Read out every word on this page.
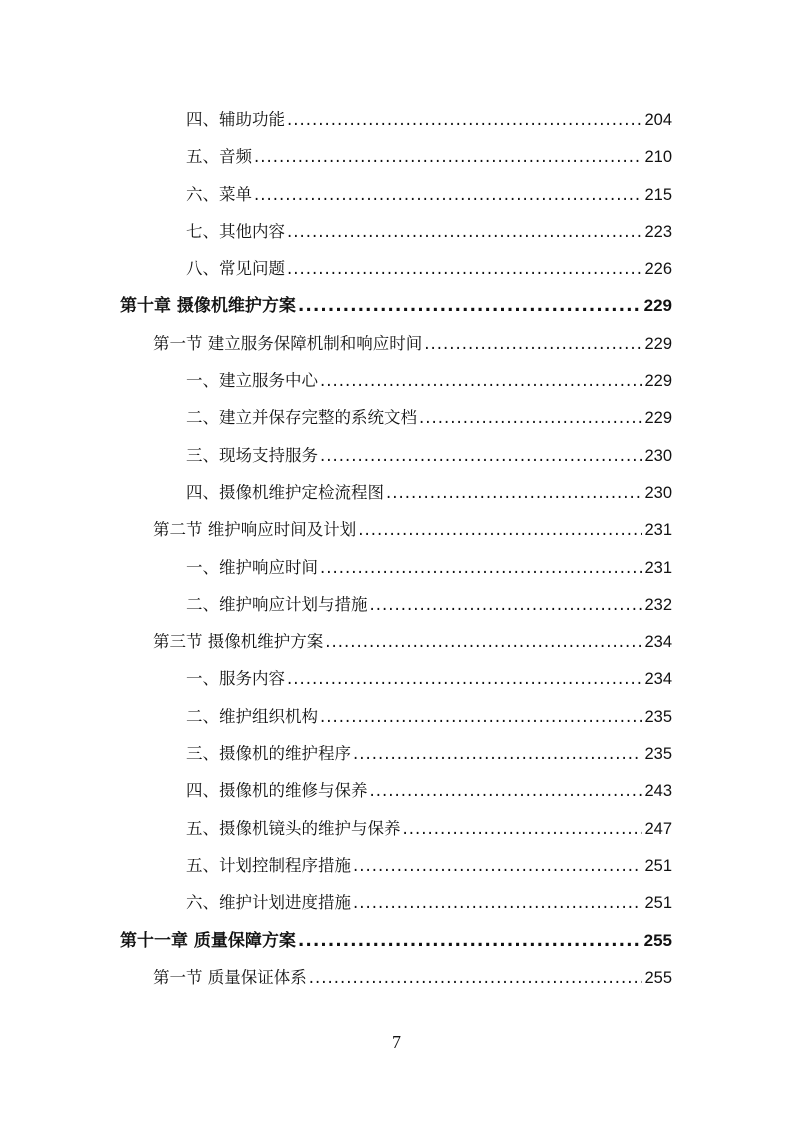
四、辅助功能 .....	204
五、音频 .....	210
六、菜单 .....	215
七、其他内容 .....	223
八、常见问题 .....	226
第十章 摄像机维护方案 .....	229
第一节 建立服务保障机制和响应时间 .....	229
一、建立服务中心 .....	229
二、建立并保存完整的系统文档 .....	229
三、现场支持服务 .....	230
四、摄像机维护定检流程图 .....	230
第二节 维护响应时间及计划 .....	231
一、维护响应时间 .....	231
二、维护响应计划与措施 .....	232
第三节 摄像机维护方案 .....	234
一、服务内容 .....	234
二、维护组织机构 .....	235
三、摄像机的维护程序 .....	235
四、摄像机的维修与保养 .....	243
五、摄像机镜头的维护与保养 .....	247
五、计划控制程序措施 .....	251
六、维护计划进度措施 .....	251
第十一章 质量保障方案 .....	255
第一节 质量保证体系 .....	255
7
